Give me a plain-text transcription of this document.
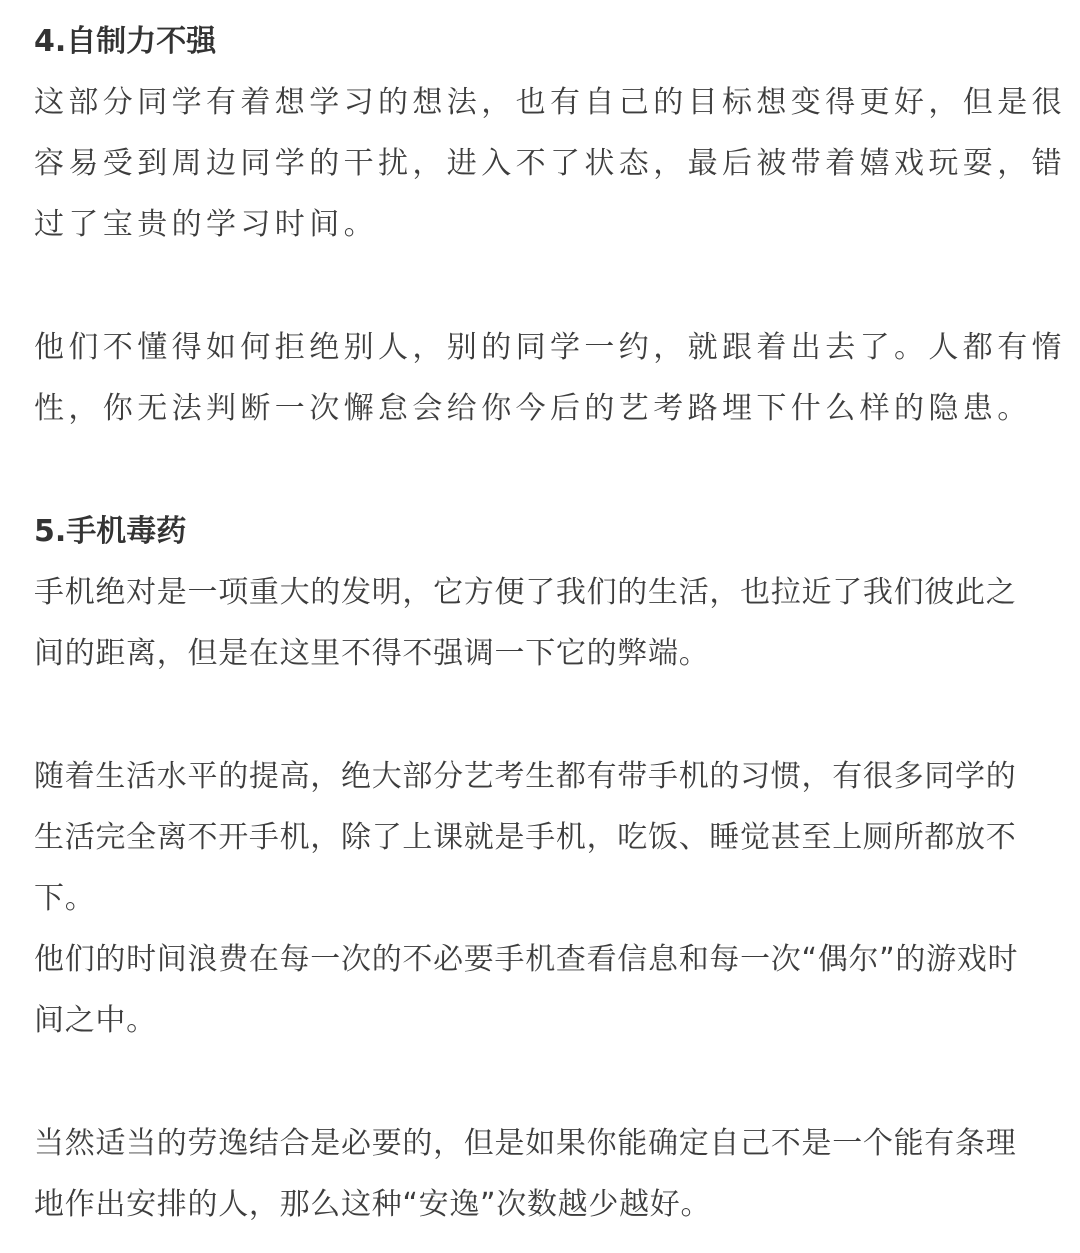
4.自制力不强
这部分同学有着想学习的想法，也有自己的目标想变得更好，但是很
容易受到周边同学的干扰，进入不了状态，最后被带着嬉戏玩耍，错
过了宝贵的学习时间。
他们不懂得如何拒绝别人，别的同学一约，就跟着出去了。人都有惰
性，你无法判断一次懈怠会给你今后的艺考路埋下什么样的隐患。
5.手机毒药
手机绝对是一项重大的发明，它方便了我们的生活，也拉近了我们彼此之
间的距离，但是在这里不得不强调一下它的弊端。
随着生活水平的提高，绝大部分艺考生都有带手机的习惯，有很多同学的
生活完全离不开手机，除了上课就是手机，吃饭、睡觉甚至上厕所都放不
下。
他们的时间浪费在每一次的不必要手机查看信息和每一次“偶尔”的游戏时
间之中。
当然适当的劳逸结合是必要的，但是如果你能确定自己不是一个能有条理
地作出安排的人，那么这种“安逸”次数越少越好。
